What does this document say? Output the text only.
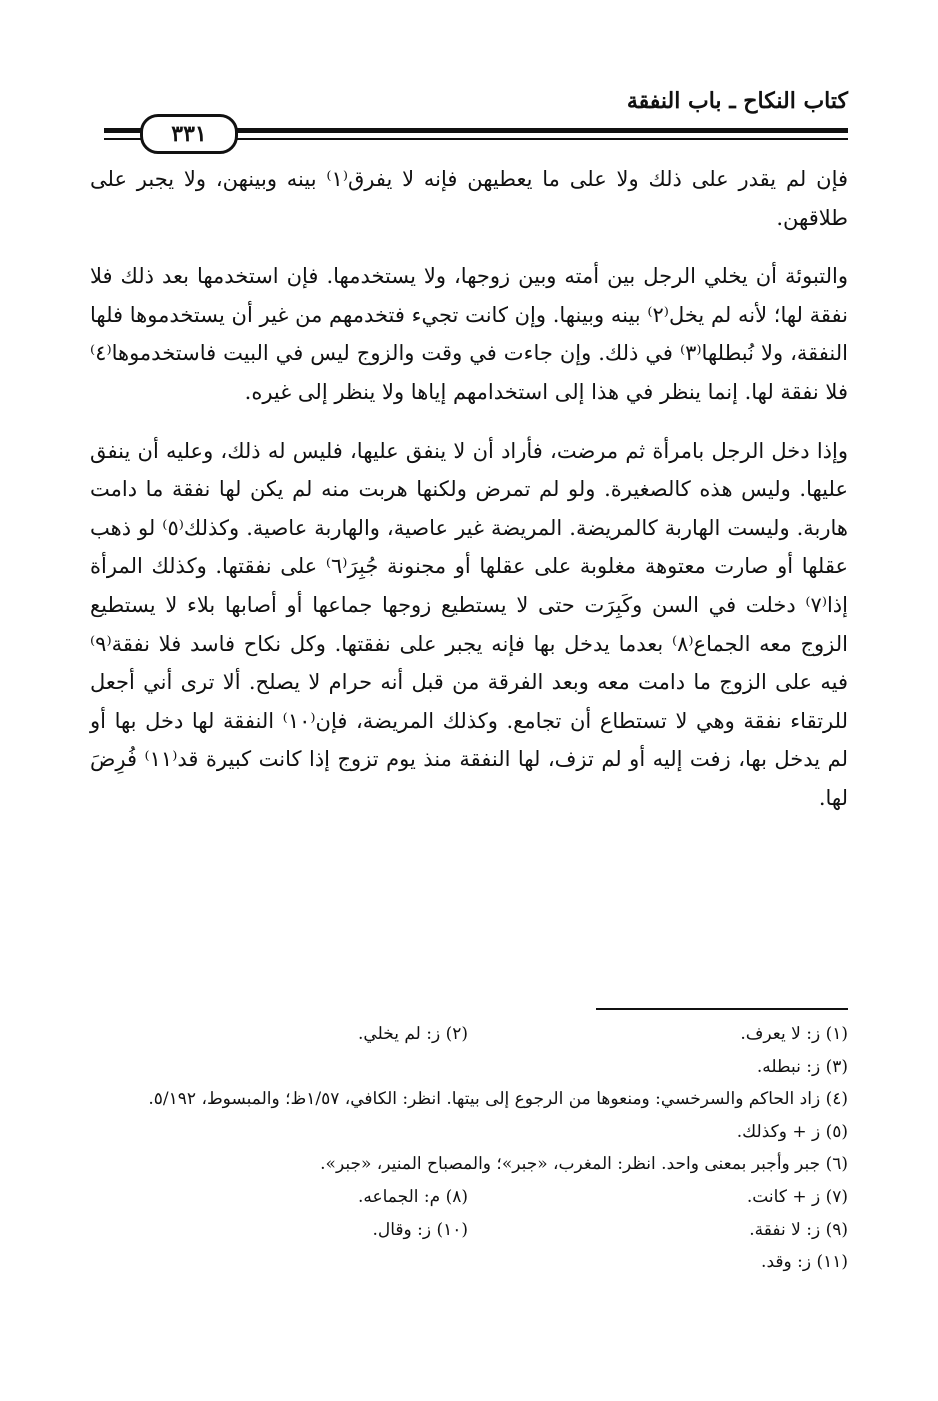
كتاب النكاح ـ باب النفقة
٣٣١

فإن لم يقدر على ذلك ولا على ما يعطيهن فإنه لا يفرق⁽١⁾ بينه وبينهن، ولا يجبر على طلاقهن.

والتبوئة أن يخلي الرجل بين أمته وبين زوجها، ولا يستخدمها. فإن استخدمها بعد ذلك فلا نفقة لها؛ لأنه لم يخل⁽٢⁾ بينه وبينها. وإن كانت تجيء فتخدمهم من غير أن يستخدموها فلها النفقة، ولا نُبطلها⁽٣⁾ في ذلك. وإن جاءت في وقت والزوج ليس في البيت فاستخدموها⁽٤⁾ فلا نفقة لها. إنما ينظر في هذا إلى استخدامهم إياها ولا ينظر إلى غيره.

وإذا دخل الرجل بامرأة ثم مرضت، فأراد أن لا ينفق عليها، فليس له ذلك، وعليه أن ينفق عليها. وليس هذه كالصغيرة. ولو لم تمرض ولكنها هربت منه لم يكن لها نفقة ما دامت هاربة. وليست الهاربة كالمريضة. المريضة غير عاصية، والهاربة عاصية. وكذلك⁽٥⁾ لو ذهب عقلها أو صارت معتوهة مغلوبة على عقلها أو مجنونة جُبِرَ⁽٦⁾ على نفقتها. وكذلك المرأة إذا⁽٧⁾ دخلت في السن وكَبِرَت حتى لا يستطيع زوجها جماعها أو أصابها بلاء لا يستطيع الزوج معه الجماع⁽٨⁾ بعدما يدخل بها فإنه يجبر على نفقتها. وكل نكاح فاسد فلا نفقة⁽٩⁾ فيه على الزوج ما دامت معه وبعد الفرقة من قبل أنه حرام لا يصلح. ألا ترى أني أجعل للرتقاء نفقة وهي لا تستطاع أن تجامع. وكذلك المريضة، فإن⁽١٠⁾ النفقة لها دخل بها أو لم يدخل بها، زفت إليه أو لم تزف، لها النفقة منذ يوم تزوج إذا كانت كبيرة قد⁽١١⁾ فُرِضَ لها.

(١) ز: لا يعرف.
(٢) ز: لم يخلي.
(٣) ز: نبطله.
(٤) زاد الحاكم والسرخسي: ومنعوها من الرجوع إلى بيتها. انظر: الكافي، ١/٥٧ظ؛ والمبسوط، ٥/١٩٢.
(٥) ز + وكذلك.
(٦) جبر وأجبر بمعنى واحد. انظر: المغرب، «جبر»؛ والمصباح المنير، «جبر».
(٧) ز + كانت.
(٨) م: الجماعه.
(٩) ز: لا نفقة.
(١٠) ز: وقال.
(١١) ز: وقد.
